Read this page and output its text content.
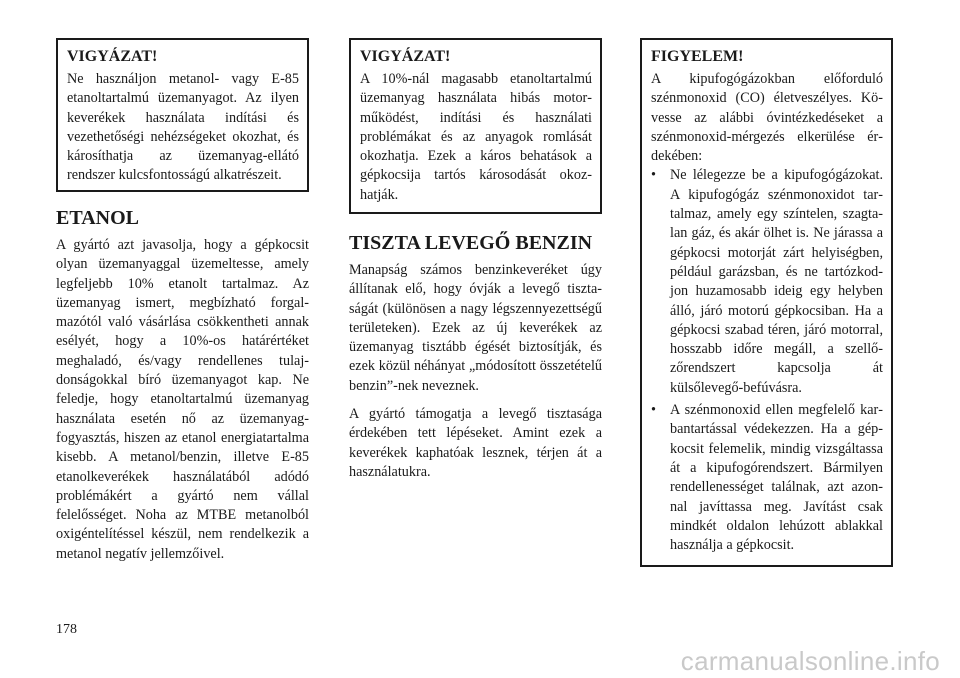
VIGYÁZAT!

Ne használjon metanol- vagy E-85 etanoltartalmú üzemanyagot. Az ilyen keverékek használata indítási és vezethetőségi nehézségeket okozhat, és károsíthatja az üzemanyag-ellátó rendszer kulcsfontosságú alkatrészeit.

ETANOL

A gyártó azt javasolja, hogy a gépkocsit olyan üzemanyaggal üzemeltesse, amely legfeljebb 10% etanolt tartalmaz. Az üzemanyag ismert, megbízható forgalmazótól való vásárlása csökkentheti annak esélyét, hogy a 10%-os határértéket meghaladó, és/vagy rendellenes tulajdonságokkal bíró üzemanyagot kap. Ne feledje, hogy etanoltartalmú üzemanyag használata esetén nő az üzemanyagfogyasztás, hiszen az etanol energiatartalma kisebb. A metanol/benzin, illetve E-85 etanolkeverékek használatából adódó problémákért a gyártó nem vállal felelősséget. Noha az MTBE metanolból oxigéntelítéssel készül, nem rendelkezik a metanol negatív jellemzőivel.

VIGYÁZAT!

A 10%-nál magasabb etanoltartalmú üzemanyag használata hibás motorműködést, indítási és használati problémákat és az anyagok romlását okozhatja. Ezek a káros behatások a gépkocsija tartós károsodását okozhatják.

TISZTA LEVEGŐ BENZIN

Manapság számos benzinkeveréket úgy állítanak elő, hogy óvják a levegő tisztaságát (különösen a nagy légszennyezettségű területeken). Ezek az új keverékek az üzemanyag tisztább égését biztosítják, és ezek közül néhányat „módosított összetételű benzin”-nek neveznek.

A gyártó támogatja a levegő tisztasága érdekében tett lépéseket. Amint ezek a keverékek kaphatóak lesznek, térjen át a használatukra.

FIGYELEM!

A kipufogógázokban előforduló szénmonoxid (CO) életveszélyes. Kövesse az alábbi óvintézkedéseket a szénmonoxid-mérgezés elkerülése érdekében:

• Ne lélegezze be a kipufogógázokat. A kipufogógáz szénmonoxidot tartalmaz, amely egy színtelen, szagtalan gáz, és akár ölhet is. Ne járassa a gépkocsi motorját zárt helyiségben, például garázsban, és ne tartózkodjon huzamosabb ideig egy helyben álló, járó motorú gépkocsiban. Ha a gépkocsi szabad téren, járó motorral, hosszabb időre megáll, a szellőzőrendszert kapcsolja át külsőlevegő-befúvásra.
• A szénmonoxid ellen megfelelő karbantartással védekezzen. Ha a gépkocsit felemelik, mindig vizsgáltassa át a kipufogórendszert. Bármilyen rendellenességet találnak, azt azonnal javíttassa meg. Javítást csak mindkét oldalon lehúzott ablakkal használja a gépkocsit.
178
carmanualsonline.info
